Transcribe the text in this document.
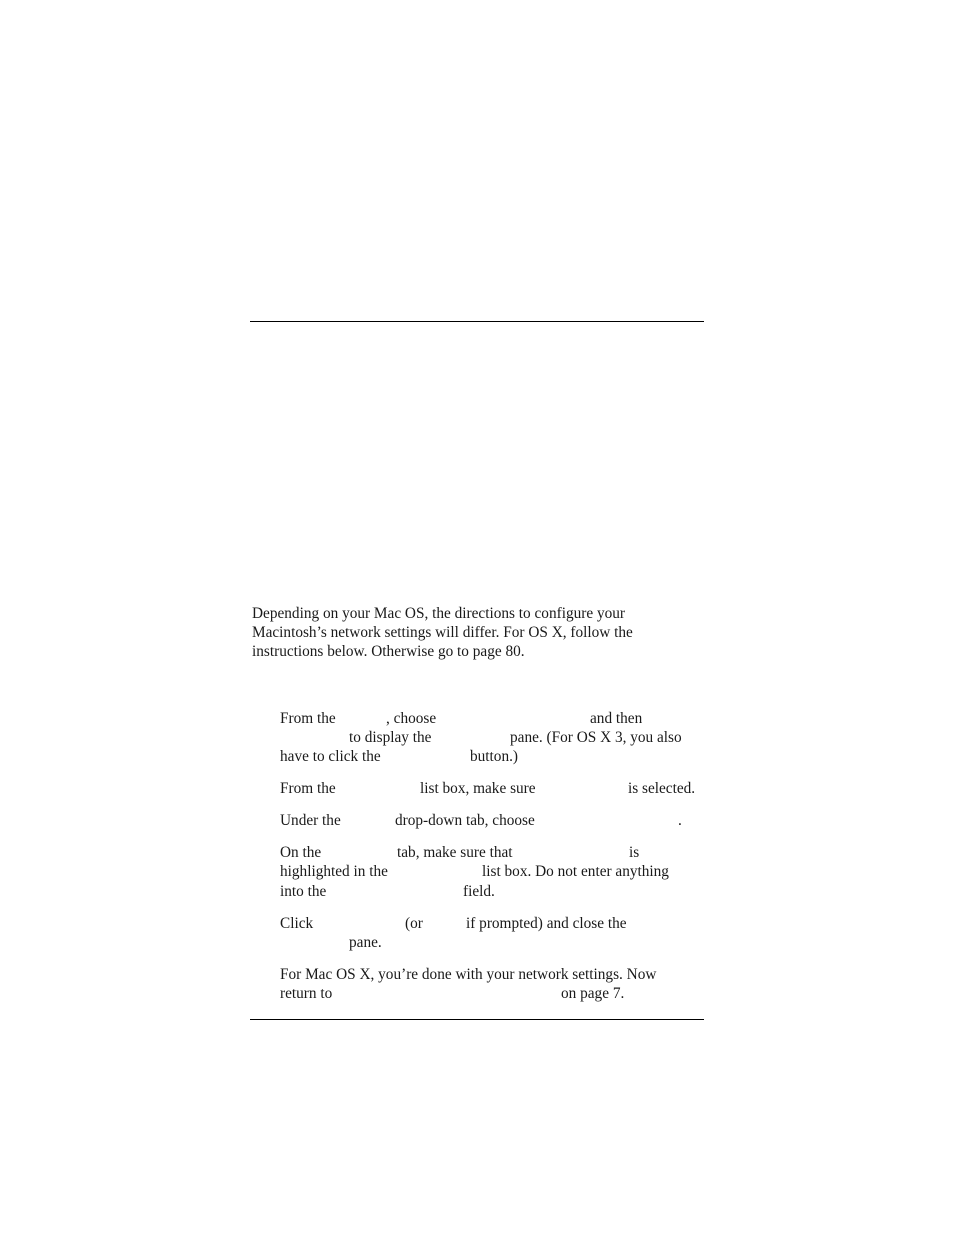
Depending on your Mac OS, the directions to configure your
Macintosh’s network settings will differ. For OS X, follow the
instructions below. Otherwise go to page 80.
From the	, choose	and then
to display the	pane. (For OS X 3, you also
have to click the	button.)
From the	list box, make sure	is selected.
Under the	drop-down tab, choose	.
On the	tab, make sure that	is
highlighted in the	list box. Do not enter anything
into the	field.
Click	(or	if prompted) and close the
pane.
For Mac OS X, you’re done with your network settings. Now
return to	on page 7.
